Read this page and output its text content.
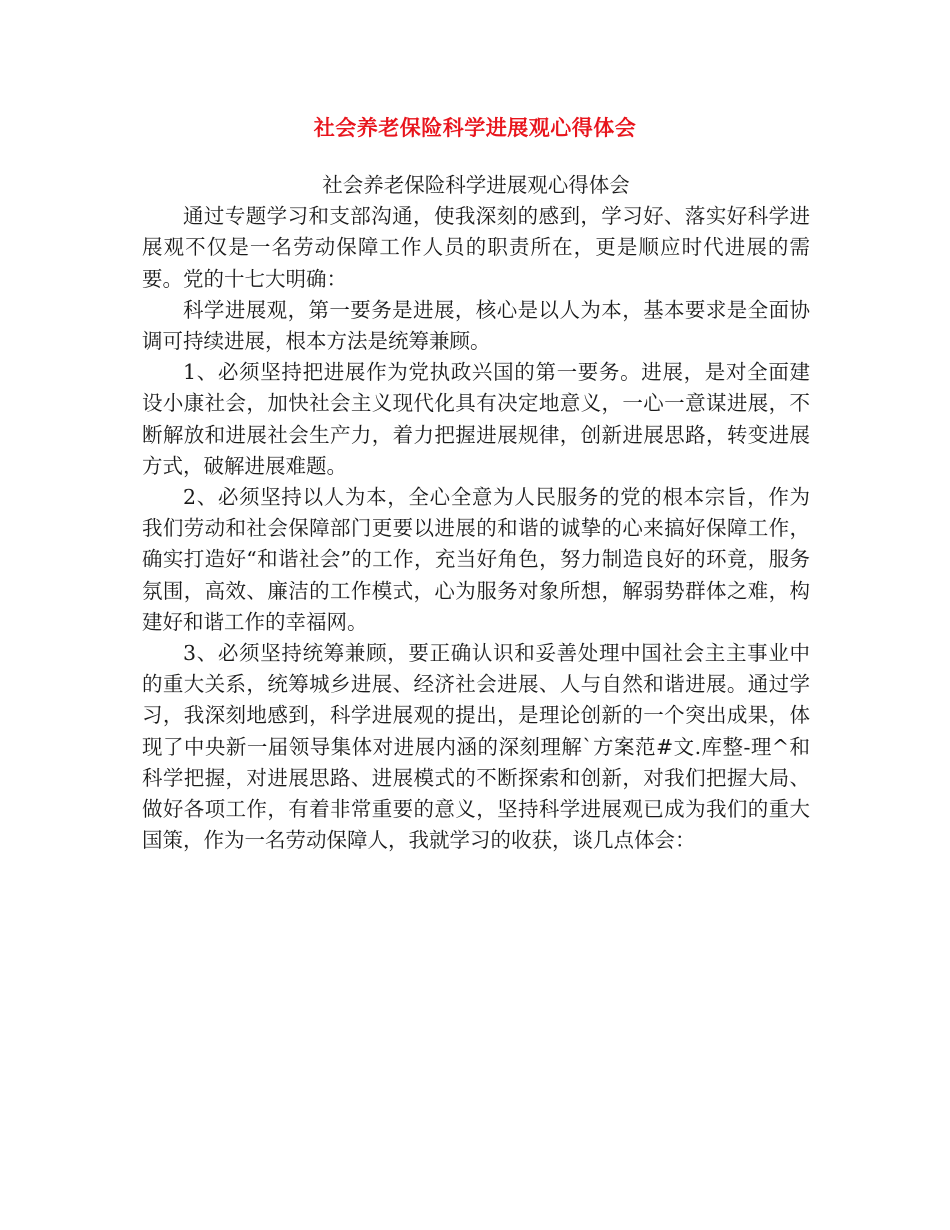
社会养老保险科学进展观心得体会

社会养老保险科学进展观心得体会

通过专题学习和支部沟通，使我深刻的感到，学习好、落实好科学进展观不仅是一名劳动保障工作人员的职责所在，更是顺应时代进展的需要。党的十七大明确：

科学进展观，第一要务是进展，核心是以人为本，基本要求是全面协调可持续进展，根本方法是统筹兼顾。

1、必须坚持把进展作为党执政兴国的第一要务。进展，是对全面建设小康社会，加快社会主义现代化具有决定地意义，一心一意谋进展，不断解放和进展社会生产力，着力把握进展规律，创新进展思路，转变进展方式，破解进展难题。

2、必须坚持以人为本，全心全意为人民服务的党的根本宗旨，作为我们劳动和社会保障部门更要以进展的和谐的诚挚的心来搞好保障工作，确实打造好“和谐社会”的工作，充当好角色，努力制造良好的环竟，服务氛围，高效、廉洁的工作模式，心为服务对象所想，解弱势群体之难，构建好和谐工作的幸福网。

3、必须坚持统筹兼顾，要正确认识和妥善处理中国社会主主事业中的重大关系，统筹城乡进展、经济社会进展、人与自然和谐进展。通过学习，我深刻地感到，科学进展观的提出，是理论创新的一个突出成果，体现了中央新一届领导集体对进展内涵的深刻理解`方案范#文.库整-理^和科学把握，对进展思路、进展模式的不断探索和创新，对我们把握大局、做好各项工作，有着非常重要的意义，坚持科学进展观已成为我们的重大国策，作为一名劳动保障人，我就学习的收获，谈几点体会：
